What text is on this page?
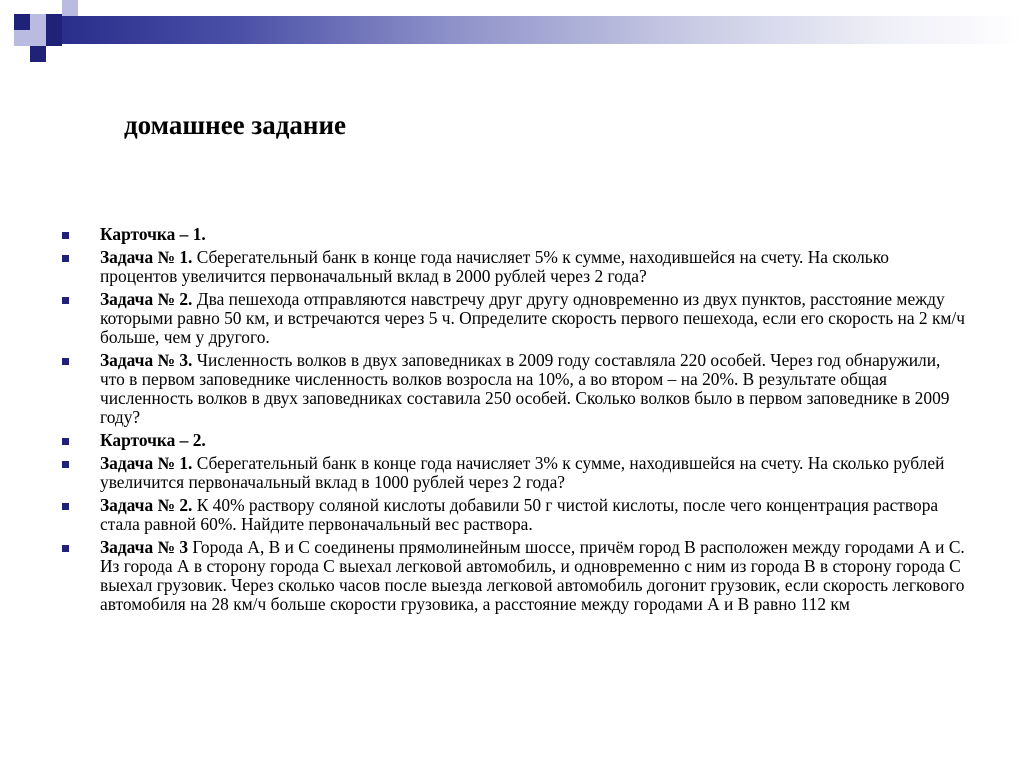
домашнее задание
Карточка – 1.
Задача № 1. Сберегательный банк в конце года начисляет 5% к сумме, находившейся на счету. На сколько процентов увеличится первоначальный вклад в 2000 рублей через 2 года?
Задача № 2. Два пешехода отправляются навстречу друг другу одновременно из двух пунктов, расстояние между которыми равно 50 км, и встречаются через 5 ч. Определите скорость первого пешехода, если его скорость на 2 км/ч больше, чем у другого.
Задача № 3. Численность волков в двух заповедниках в 2009 году составляла 220 особей. Через год обнаружили, что в первом заповеднике численность волков возросла на 10%, а во втором – на 20%. В результате общая численность волков в двух заповедниках составила 250 особей. Сколько волков было в первом заповеднике в 2009 году?
Карточка – 2.
Задача № 1. Сберегательный банк в конце года начисляет 3% к сумме, находившейся на счету. На сколько рублей увеличится первоначальный вклад в 1000 рублей через 2 года?
Задача № 2. К 40% раствору соляной кислоты добавили 50 г чистой кислоты, после чего концентрация раствора стала равной 60%. Найдите первоначальный вес раствора.
Задача № 3 Города А, В и С соединены прямолинейным шоссе, причём город В расположен между городами А и С. Из города А в сторону города С выехал легковой автомобиль, и одновременно с ним из города В в сторону города С выехал грузовик. Через сколько часов после выезда легковой автомобиль догонит грузовик, если скорость легкового автомобиля на 28 км/ч больше скорости грузовика, а расстояние между городами А и В равно 112 км
